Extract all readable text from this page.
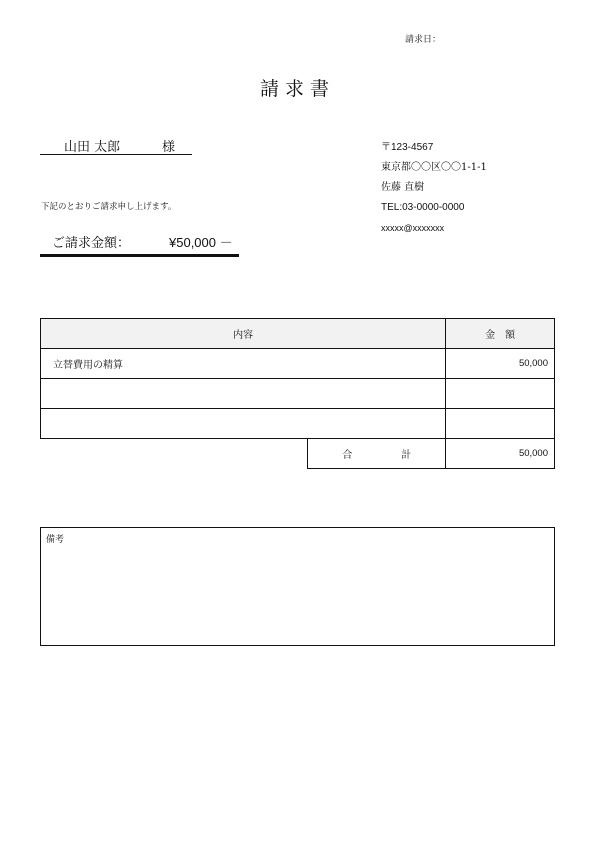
請求日：
請求書
山田 太郎	様
下記のとおりご請求申し上げます。
ご請求金額：	¥50,000 －
〒123-4567
東京都〇〇区〇〇1-1-1
佐藤 直樹
TEL:03-0000-0000
xxxxx@xxxxxxx
内容		金　額
立替費用の精算		50,000

	合 計	50,000
備考
